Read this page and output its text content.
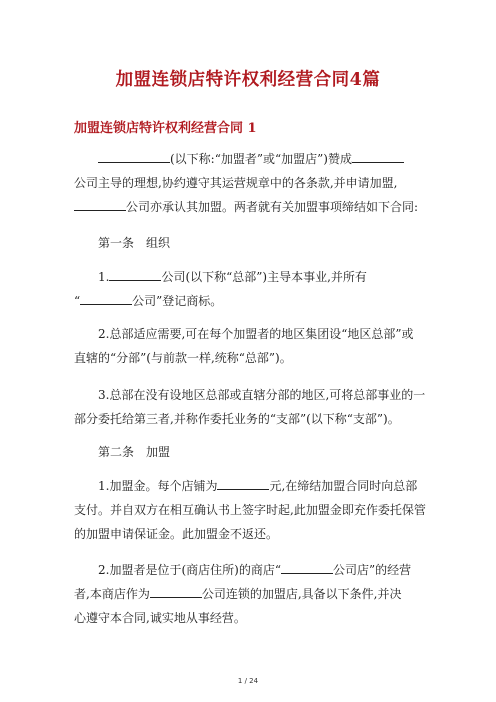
加盟连锁店特许权利经营合同4篇
加盟连锁店特许权利经营合同 1
(以下称:“加盟者”或“加盟店”)赞成
公司主导的理想,协约遵守其运营规章中的各条款,并申请加盟,
公司亦承认其加盟。两者就有关加盟事项缔结如下合同:
第一条　组织
1.	公司(以下称“总部”)主导本事业,并所有
“	公司”登记商标。
2.总部适应需要,可在每个加盟者的地区集团设“地区总部”或
直辖的“分部”(与前款一样,统称“总部”)。
3.总部在没有设地区总部或直辖分部的地区,可将总部事业的一
部分委托给第三者,并称作委托业务的“支部”(以下称“支部”)。
第二条　加盟
1.加盟金。每个店铺为	元,在缔结加盟合同时向总部
支付。并自双方在相互确认书上签字时起,此加盟金即充作委托保管
的加盟申请保证金。此加盟金不返还。
2.加盟者是位于(商店住所)的商店“	公司店”的经营
者,本商店作为	公司连锁的加盟店,具备以下条件,并决
心遵守本合同,诚实地从事经营。
1 / 24
